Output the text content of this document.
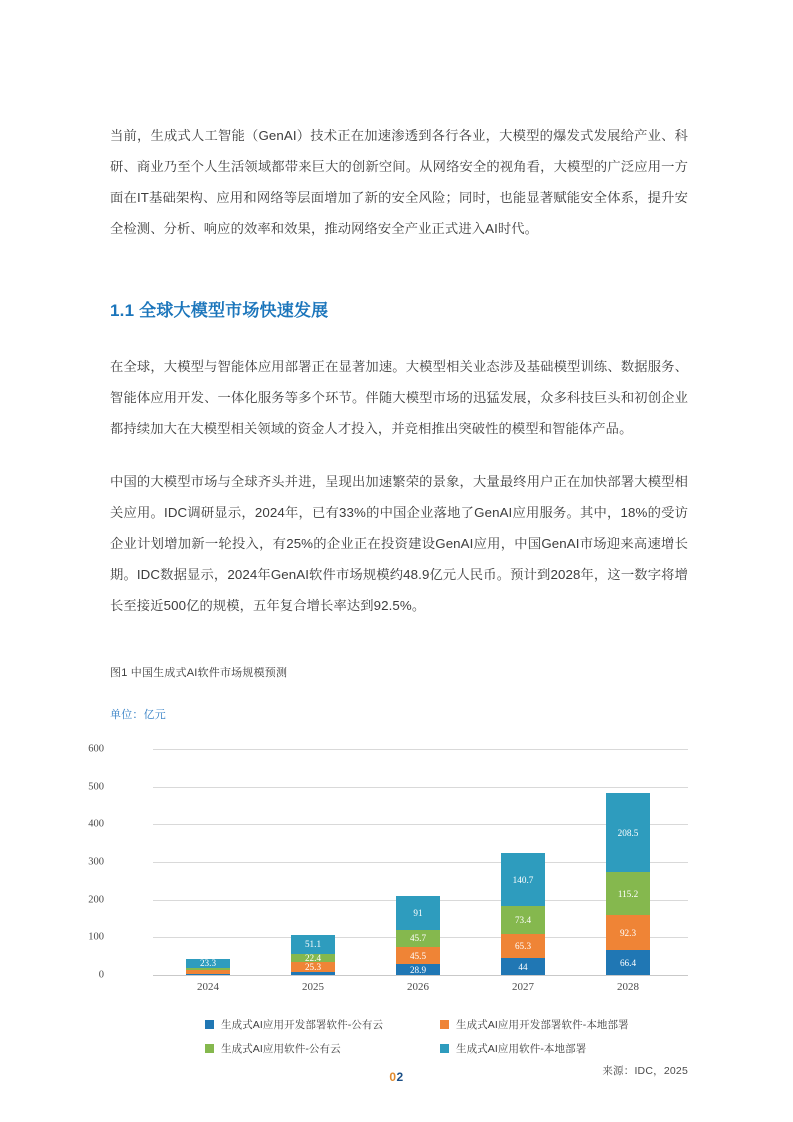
当前，生成式人工智能（GenAI）技术正在加速渗透到各行各业，大模型的爆发式发展给产业、科研、商业乃至个人生活领域都带来巨大的创新空间。从网络安全的视角看，大模型的广泛应用一方面在IT基础架构、应用和网络等层面增加了新的安全风险；同时，也能显著赋能安全体系，提升安全检测、分析、响应的效率和效果，推动网络安全产业正式进入AI时代。

1.1 全球大模型市场快速发展

在全球，大模型与智能体应用部署正在显著加速。大模型相关业态涉及基础模型训练、数据服务、智能体应用开发、一体化服务等多个环节。伴随大模型市场的迅猛发展，众多科技巨头和初创企业都持续加大在大模型相关领域的资金人才投入，并竞相推出突破性的模型和智能体产品。

中国的大模型市场与全球齐头并进，呈现出加速繁荣的景象，大量最终用户正在加快部署大模型相关应用。IDC调研显示，2024年，已有33%的中国企业落地了GenAI应用服务。其中，18%的受访企业计划增加新一轮投入，有25%的企业正在投资建设GenAI应用，中国GenAI市场迎来高速增长期。IDC数据显示，2024年GenAI软件市场规模约48.9亿元人民币。预计到2028年，这一数字将增长至接近500亿的规模，五年复合增长率达到92.5%。

图1 中国生成式AI软件市场规模预测
单位：亿元
0
100
200
300
400
500
600
23.3
2024
51.1
22.4
25.3
2025
91
45.7
45.5
28.9
2026
140.7
73.4
65.3
44
2027
208.5
115.2
92.3
66.4
2028
生成式AI应用开发部署软件-公有云	生成式AI应用开发部署软件-本地部署
生成式AI应用软件-公有云	生成式AI应用软件-本地部署
来源：IDC，2025
02
